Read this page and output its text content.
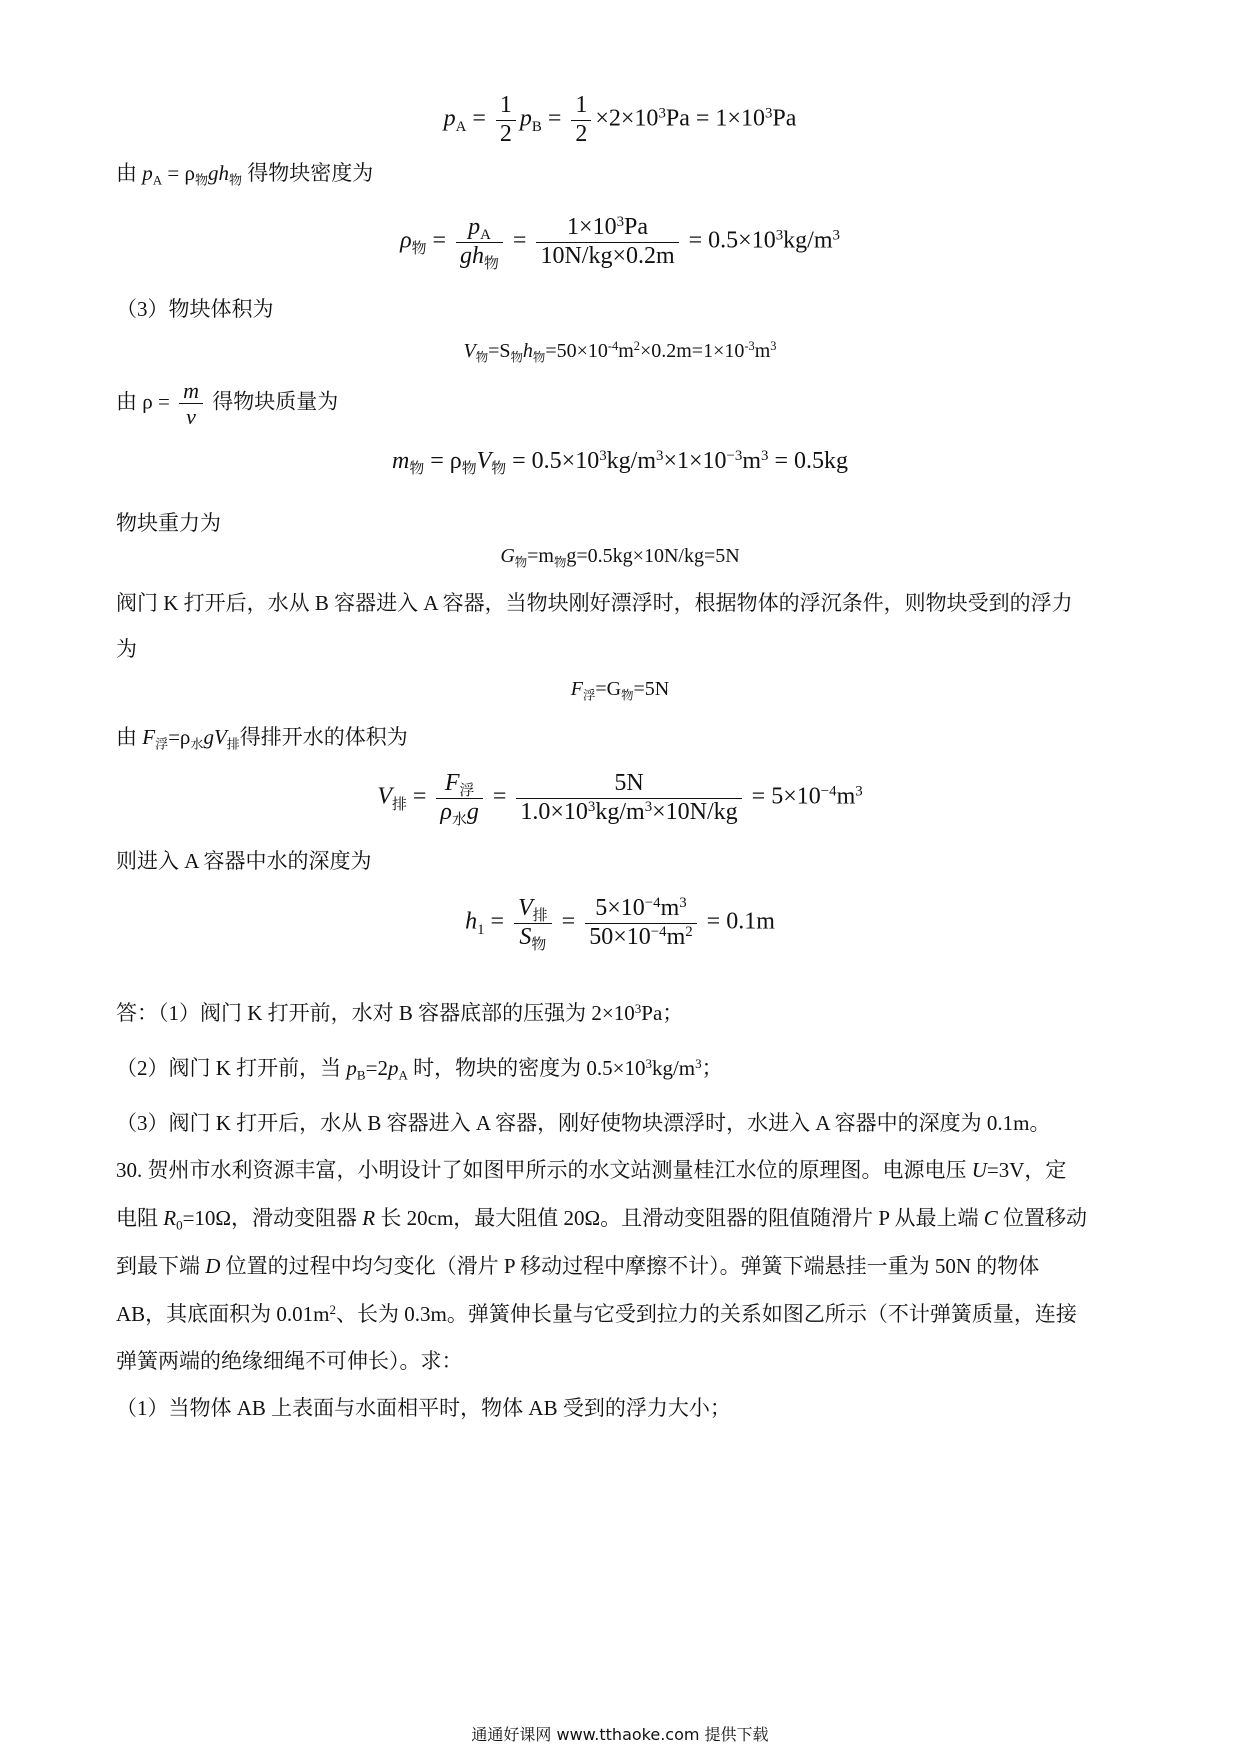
$p_A = \frac{1}{2} p_B = \frac{1}{2} \times 2\times 10^3Pa = 1\times 10^3Pa$
由 $p_A = \rho_物gh_物$ 得物块密度为
$\rho_物 = \frac{p_A}{gh_物} = \frac{1\times 10^3Pa}{10N/kg\times 0.2m} = 0.5\times 10^3kg/m^3$
（3）物块体积为
$V_物=S_物h_物=50\times 10^{-4}m^2\times 0.2m=1\times 10^{-3}m^3$
由 $\rho = \frac{m}{v}$ 得物块质量为
$m_物 = \rho_物V_物 = 0.5\times 10^3kg/m^3\times 1\times 10^{-3}m^3 = 0.5kg$
物块重力为
$G_物=m_物g=0.5kg\times 10N/kg=5N$
阀门 K 打开后，水从 B 容器进入 A 容器，当物块刚好漂浮时，根据物体的浮沉条件，则物块受到的浮力
为
$F_浮=G_物=5N$
由 $F_浮=\rho_水gV_排$得排开水的体积为
$V_排 = \frac{F_浮}{\rho_水g} = \frac{5N}{1.0\times 10^3kg/m^3\times 10N/kg} = 5\times 10^{-4}m^3$
则进入 A 容器中水的深度为
$h_1 = \frac{V_排}{S_物} = \frac{5\times 10^{-4}m^3}{50\times 10^{-4}m^2} = 0.1m$
答：（1）阀门 K 打开前，水对 B 容器底部的压强为 $2\times 10^3Pa$；
（2）阀门 K 打开前，当 $p_B=2p_A$ 时，物块的密度为 $0.5\times 10^3kg/m^3$；
（3）阀门 K 打开后，水从 B 容器进入 A 容器，刚好使物块漂浮时，水进入 A 容器中的深度为 0.1m。
30. 贺州市水利资源丰富，小明设计了如图甲所示的水文站测量桂江水位的原理图。电源电压 U=3V，定
电阻 $R_0=10\Omega$，滑动变阻器 R 长 20cm，最大阻值 20Ω。且滑动变阻器的阻值随滑片 P 从最上端 C 位置移动
到最下端 D 位置的过程中均匀变化（滑片 P 移动过程中摩擦不计）。弹簧下端悬挂一重为 50N 的物体
AB，其底面积为 $0.01m^2$、长为 0.3m。弹簧伸长量与它受到拉力的关系如图乙所示（不计弹簧质量，连接
弹簧两端的绝缘细绳不可伸长）。求：
（1）当物体 AB 上表面与水面相平时，物体 AB 受到的浮力大小；
通通好课网 www.tthaoke.com 提供下载
